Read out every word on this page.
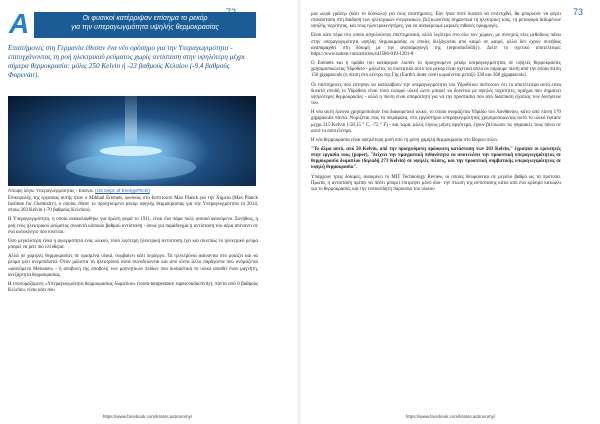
A	Οι φυσικοί κατέρριψαν επίσημα το ρεκόρ
για την υπεραγωγιμότητα υψηλής θερμοκρασίας
Επιστήμονες στη Γερμανία έθεσαν ένα νέο ορόσημο για την Υπεραγωγιμότητα - επιτυγχάνοντας τη ροή ηλεκτρικού ρεύματος χωρίς αντίσταση στην υψηλότερη μέχρι σήμερα θερμοκρασία: μόλις 250 Kelvin ή -23 βαθμούς Κελσίου (-9,4 βαθμούς Φαρενάιτ).
Άποψη λόγω Υπεραγωγιμότητας - Εικόνα: (US Dept. of Energy/Flickr)

Επικεφαλής της εργασίας αυτής ήταν ο Mikhail Eremets, φυσικός στο Ινστιτούτο Max Planck για την Χημεία (Max Planck Institute for Chemistry), ο οποίος έθεσε το προηγούμενο ρεκόρ υψηλής θερμοκρασίας για την Υπεραγωγιμότητα το 2014, στους 203 Kelvin (-70 βαθμούς Κελσίου).

Η Υπεραγωγιμότητα, η οποία ανακαλύφθηκε για πρώτη φορά το 1911, είναι ένα πάρα πολύ φυσικό φαινόμενο. Συνήθως, η ροή ενός ηλεκτρικού ρεύματος συναντά κάποιου βαθμού αντίσταση - όπως για παράδειγμα η αντίσταση του αέρα απέναντι σε ένα αυτοκίνητο που κινείται.

Όσο μεγαλύτερη είναι η αγωγιμότητα ενός υλικού, τόσο λιγότερη ηλεκτρική αντίσταση έχει και συνεπώς το ηλεκτρικό ρεύμα μπορεί να ρέει πιο ελεύθερα.

Αλλά σε χαμηλές θερμοκρασίες σε ορισμένα υλικά, συμβαίνει κάτι περίεργο. Τα ηλεκτρόνια φαίνονται στο μοιάζει και να ρεύμα ρέει ανεμπόδιστα. Όταν μάλιστα τα ηλεκτρόνια αυτά συνοδεύονται και από ιόντα άλλο παράγοντα που ονομάζεται «φαινόμενο Meissner» - ή αποβολή της αποβολή των μαγνητικών πεδίων που ουσιαστικά το υλικό απωθεί έναν μαγνήτη, ανεξάρτητα θερμοκρασίας.

Η επονομαζόμενη «Υπεραγωγιμότητα θερμοκρασίας δωματίου» (room-temperature superconductivity), πάντα από 0 βαθμούς Κελσίου, είναι κάτι που

https://www.facebook.com/kratos.astronomy/
73

μια «ιερά γράλη» (κάτι το δύσκολο) για τους επιστήμονες. Εάν ήταν ποτέ δυνατό να επιτευχθεί, θα μπορούσε να φέρει επανάσταση στη διάδοση των ηλεκτρικών ενεργειακών, βελτιώνοντας σημαντικά τη ηλεκτρική τους, τη μεταφορά δεδομένων υψηλής ταχύτητας, και τους ηλεκτροκινητήρες, για να αναφέρουμε μερικές πιθανές εφαρμογές.

Είναι κάτι πέρα στο οποίο ασχολούνται επιστημονικά, αλλά λιγότερο στο όλο των χώρων, με συνεχείς νέες μεθόδους πάνω στην υπεραγωγιμότητα υψηλής θερμοκρασίας οι οποίες διεξάγονται από καιρό σε καιρό, αλλά δεν έχουν συνήθως αναπαραχθεί στη δοκιμή με την αναπαραγωγή της (reproducibility). Δείτε το σχετικό αποτέλεσμα: https://www.nature.com/articles/s41586-019-1201-8

Ο Eremets και η ομάδα του κατάφεραν λοιπόν το προηγούμενο ρεκόρ υπεραγωγιμότητας σε υψηλές θερμοκρασίες χρησιμοποιώντας Υδρόθειο - μάλιστα, το συστατικό αυτό του ρεκόρ είναι σχετικά απλό αν πάρουμε πίεση από την οποία πίεση 150 gigapascals (η πίεση στο κέντρο της Γης (Earth's inner core) κυμαίνεται μεταξύ 330 και 360 gigapascals).

Οι επιστήμονες που έστησαν να κατάλάβουν την υπεραγωγιμότητα του Υδρόθειου πιστεύουν ότι το αποτέλεσμα αυτό είναι δυνατό επειδή το Υδρόθειο είναι τόσο ελαφρύ υλικό ώστε μπορεί να δονείται με υψηλές ταχύτητες, πράγμα που σημαίνει υψηλότερες θερμοκρασίες - αλλά η πίεση είναι απαραίτητη για να την προστασία που από διάσπαση εξαιτίας των δονήσεων του.

Η νέα αυτή έρευνα χρησιμοποίησε ένα διαφορετικό υλικό, το οποίο ονομάζεται Υδρίδιο του Λανθανίου, κάτω από πίεση 170 gigapascals πάντα. Νομίζεται πως τα πειράματα, στο εργαστήριο υπεραγωγιμότητας χρησιμοποιώντας αυτό το υλικό έφτασε μέχρι 215 Kelvin (-58,15 ° C, -72 ° F) - και τώρα, μόλις λίγους μήνες αργότερα, έχουν βελτιώσει τις ψηφιακές τους πάνω σε αυτό το αποτέλεσμα.

Η νέα θερμοκρασία είναι υψηλότερη μισή από τη μέση χαμηλή θερμοκρασία στο Βόρειο πόλο.

"Το άλμα αυτό, από 50 Kelvin, από την προηγούμενη πρόσφατη κατάσταση των 203 Kelvin," έγραψαν οι ερευνητές στην εργασία τους (paper), "δείχνει την πραγματική πιθανότητα να αποτελέσει την προοπτική υπεραγωγιμότητας σε θερμοκρασία δωματίου (δηλαδή 273 Kelvin) σε υψηλές πιέσεις, και την προοπτική συμβατικής υπεραγωγιμότητας σε υψηλή θερμοκρασία".

Υπάρχουν τρεις δοκιμές, ανακρίνει το MIT Technology Review, οι οποίες θεωρούνται σε μεγάλο βαθμό ως τα πρότυπα. Πρώτα, η αντίσταση πρέπει να πέσει μπορεί επιτρέψει μόνο δύο· την πτώση της αντίστασης κάτω από ένα κρίσιμο κατώφλι για το θερμοκρασία, και την ενσυνείδητη παρουσία του υλικού

https://www.facebook.com/kratos.astronomy/
